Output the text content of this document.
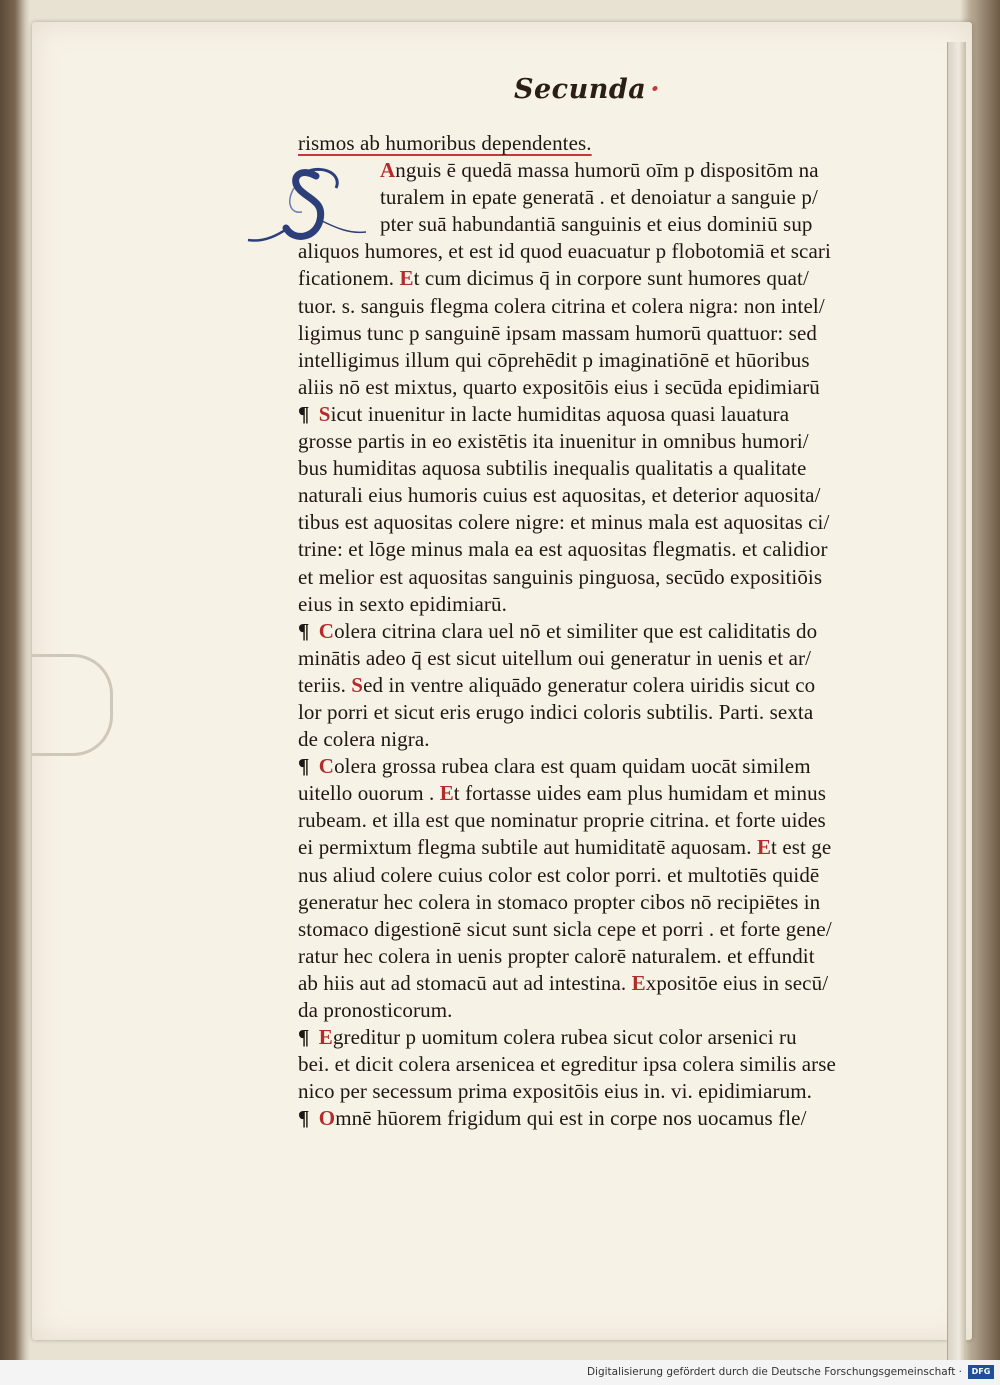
Secunda ·
rismos ab humoribus dependentes.
Anguis ē quedā massa humorū oīm p dispositōm na
turalem in epate generatā . et denoiatur a sanguie p/
pter suā habundantiā sanguinis et eius dominiū sup
aliquos humores, et est id quod euacuatur p flobotomiā et scari
ficationem. Et cum dicimus q̄ in corpore sunt humores quat/
tuor. s. sanguis flegma colera citrina et colera nigra: non intel/
ligimus tunc p sanguinē ipsam massam humorū quattuor: sed
intelligimus illum qui cōprehēdit p imaginatiōnē et hūoribus
aliis nō est mixtus, quarto expositōis eius i secūda epidimiarū
¶ Sicut inuenitur in lacte humiditas aquosa quasi lauatura
grosse partis in eo existētis ita inuenitur in omnibus humori/
bus humiditas aquosa subtilis inequalis qualitatis a qualitate
naturali eius humoris cuius est aquositas, et deterior aquosita/
tibus est aquositas colere nigre: et minus mala est aquositas ci/
trine: et lōge minus mala ea est aquositas flegmatis. et calidior
et melior est aquositas sanguinis pinguosa, secūdo expositiōis
eius in sexto epidimiarū.
¶ Colera citrina clara uel nō et similiter que est caliditatis do
minātis adeo q̄ est sicut uitellum oui generatur in uenis et ar/
teriis. Sed in ventre aliquādo generatur colera uiridis sicut co
lor porri et sicut eris erugo indici coloris subtilis. Parti. sexta
de colera nigra.
¶ Colera grossa rubea clara est quam quidam uocāt similem
uitello ouorum . Et fortasse uides eam plus humidam et minus
rubeam. et illa est que nominatur proprie citrina. et forte uides
ei permixtum flegma subtile aut humiditatē aquosam. Et est ge
nus aliud colere cuius color est color porri. et multotiēs quidē
generatur hec colera in stomaco propter cibos nō recipiētes in
stomaco digestionē sicut sunt sicla cepe et porri . et forte gene/
ratur hec colera in uenis propter calorē naturalem. et effundit
ab hiis aut ad stomacū aut ad intestina. Expositōe eius in secū/
da pronosticorum.
¶ Egreditur p uomitum colera rubea sicut color arsenici ru
bei. et dicit colera arsenicea et egreditur ipsa colera similis arse
nico per secessum prima expositōis eius in. vi. epidimiarum.
¶ Omnē hūorem frigidum qui est in corpe nos uocamus fle/
Digitalisierung gefördert durch die Deutsche Forschungsgemeinschaft ·	DFG
